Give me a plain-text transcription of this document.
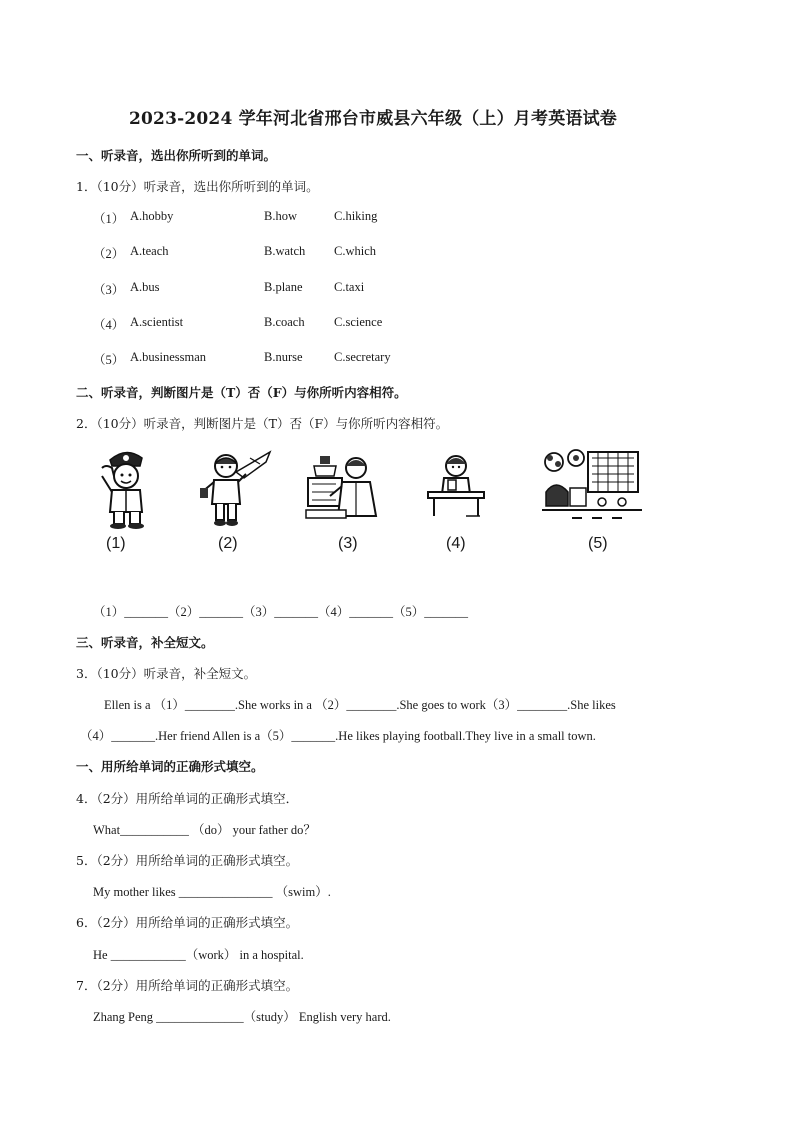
2023-2024 学年河北省邢台市威县六年级（上）月考英语试卷
一、听录音，选出你所听到的单词。
1．（10分）听录音，选出你所听到的单词。
（1） A.hobby	B.how	C.hiking
（2） A.teach	B.watch C.which
（3） A.bus	B.plane	C.taxi
（4） A.scientist	B.coach C.science
（5） A.businessman	B.nurse	C.secretary
二、听录音，判断图片是（T）否（F）与你所听内容相符。
2．（10分）听录音，判断图片是（T）否（F）与你所听内容相符。
(1)	(2)	(3)	(4)	(5)
（1）_______（2）_______（3）_______（4）_______（5）_______
三、听录音，补全短文。
3．（10分）听录音，补全短文。
Ellen is a （1）________.She works in a （2）________.She goes to work（3）________.She likes
（4）_______.Her friend Allen is a（5）_______.He likes playing football.They live in a small town.
一、用所给单词的正确形式填空。
4．（2分）用所给单词的正确形式填空．
What___________ （do） your father do？
5．（2分）用所给单词的正确形式填空。
My mother likes _______________ （swim）.
6．（2分）用所给单词的正确形式填空。
He ____________（work） in a hospital.
7．（2分）用所给单词的正确形式填空。
Zhang Peng ______________（study） English very hard.
